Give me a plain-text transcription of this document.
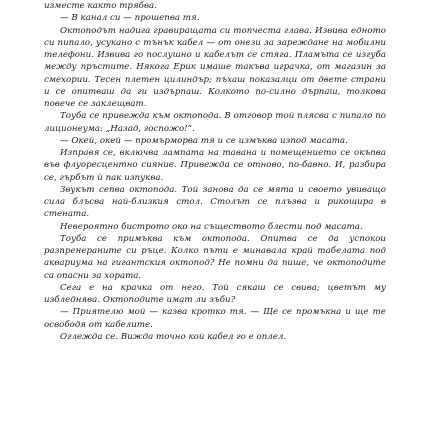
изместе както трябва.

— В канал си — прошепва тя.

Октоподът надига гравиращата си топчеста глава. Извива едното си пипало, усукано с тънък кабел — от онези за зареждане на мобилни телефони. Извива го послушно и кабелът се стяга. Пламъта се изгуба между пръстите. Някога Ерик имаше такъва играчка, от магазин за смехории. Тесен плетен цилиндър; пъхаш показалци от двете страни и се опитваш да ги издърпаш. Колкото по-силно дърпаш, толкова повече се заклещват.

Тоуба се привежда към октопода. В отговор той плясва с пипало по лиционеума: „Назад, госпожо!“.

— Окей, окей — промърморва тя и се измъква изпод масата.

Изправя се, включва лампата на тавана и помещението се окъпва във флуоресцентно сияние. Привежда се отново, по-бавно. И, разбира се, гърбът ѝ пак изпуква.

Звукът сепва октопода. Той занова да се мята и своето увиващо сила блъсва най-близкия стол. Столът се плъзва и рикошира в стената.

Невероятно бистрото око на съществото блести под масата.

Тоуба се примъква към октопода. Опитва се да успокои разпренераните си ръце. Колко пъти е минавала край табелата под аквариума на гигантския октопод? Не помни да пише, че октоподите са опасни за хората.

Сега е на крачка от него. Той сякаш се свива; цветът му избледнява. Октоподите имат ли зъби?

— Приятелю мой — казва кротко тя. — Ще се промъкна и ще те освободя от кабелите.

Оглежда се. Вижда точно кой кабел го е оплел.
